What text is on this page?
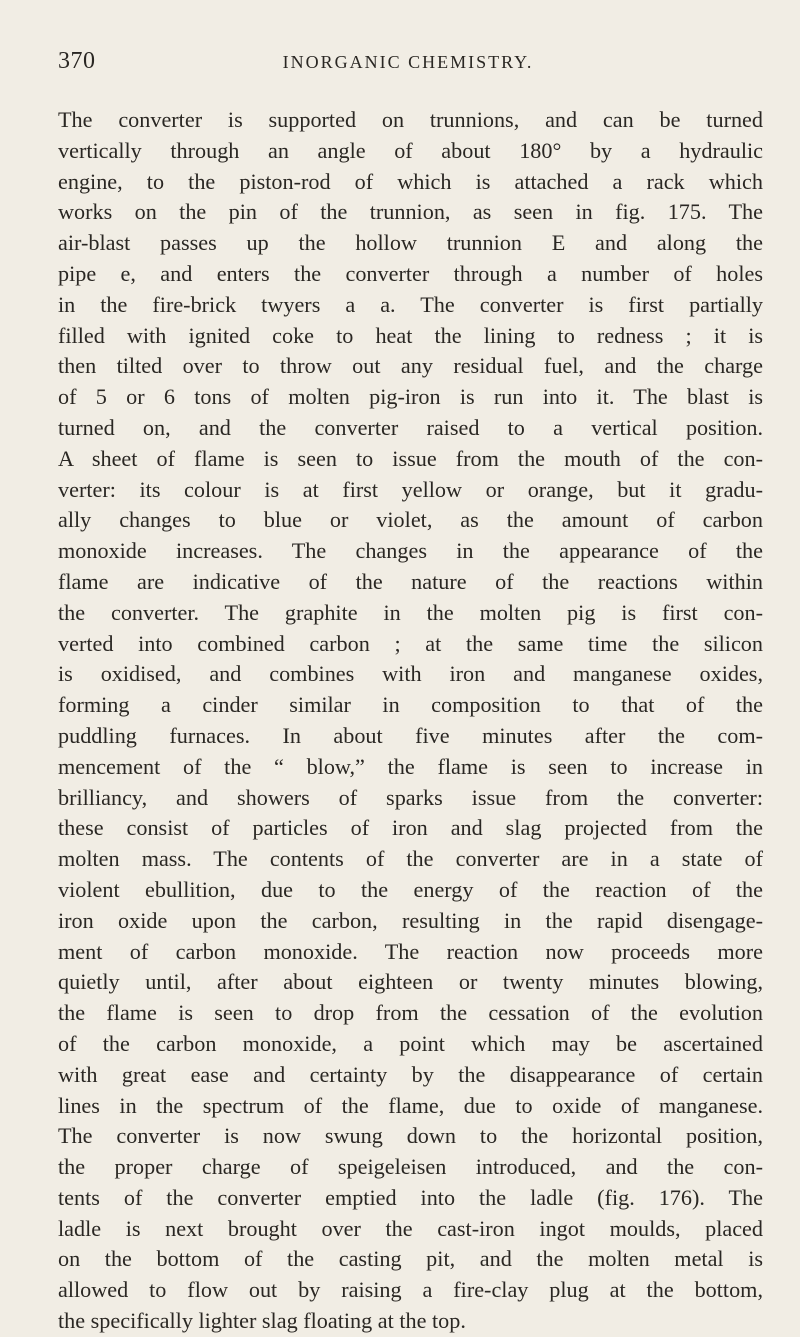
370	INORGANIC CHEMISTRY.
The converter is supported on trunnions, and can be turned
vertically through an angle of about 180° by a hydraulic
engine, to the piston-rod of which is attached a rack which
works on the pin of the trunnion, as seen in fig. 175. The
air-blast passes up the hollow trunnion E and along the
pipe e, and enters the converter through a number of holes
in the fire-brick twyers a a. The converter is first partially
filled with ignited coke to heat the lining to redness ; it is
then tilted over to throw out any residual fuel, and the charge
of 5 or 6 tons of molten pig-iron is run into it. The blast is
turned on, and the converter raised to a vertical position.
A sheet of flame is seen to issue from the mouth of the con-
verter: its colour is at first yellow or orange, but it gradu-
ally changes to blue or violet, as the amount of carbon
monoxide increases. The changes in the appearance of the
flame are indicative of the nature of the reactions within
the converter. The graphite in the molten pig is first con-
verted into combined carbon ; at the same time the silicon
is oxidised, and combines with iron and manganese oxides,
forming a cinder similar in composition to that of the
puddling furnaces. In about five minutes after the com-
mencement of the “ blow,” the flame is seen to increase in
brilliancy, and showers of sparks issue from the converter:
these consist of particles of iron and slag projected from the
molten mass. The contents of the converter are in a state of
violent ebullition, due to the energy of the reaction of the
iron oxide upon the carbon, resulting in the rapid disengage-
ment of carbon monoxide. The reaction now proceeds more
quietly until, after about eighteen or twenty minutes blowing,
the flame is seen to drop from the cessation of the evolution
of the carbon monoxide, a point which may be ascertained
with great ease and certainty by the disappearance of certain
lines in the spectrum of the flame, due to oxide of manganese.
The converter is now swung down to the horizontal position,
the proper charge of speigeleisen introduced, and the con-
tents of the converter emptied into the ladle (fig. 176). The
ladle is next brought over the cast-iron ingot moulds, placed
on the bottom of the casting pit, and the molten metal is
allowed to flow out by raising a fire-clay plug at the bottom,
the specifically lighter slag floating at the top.
